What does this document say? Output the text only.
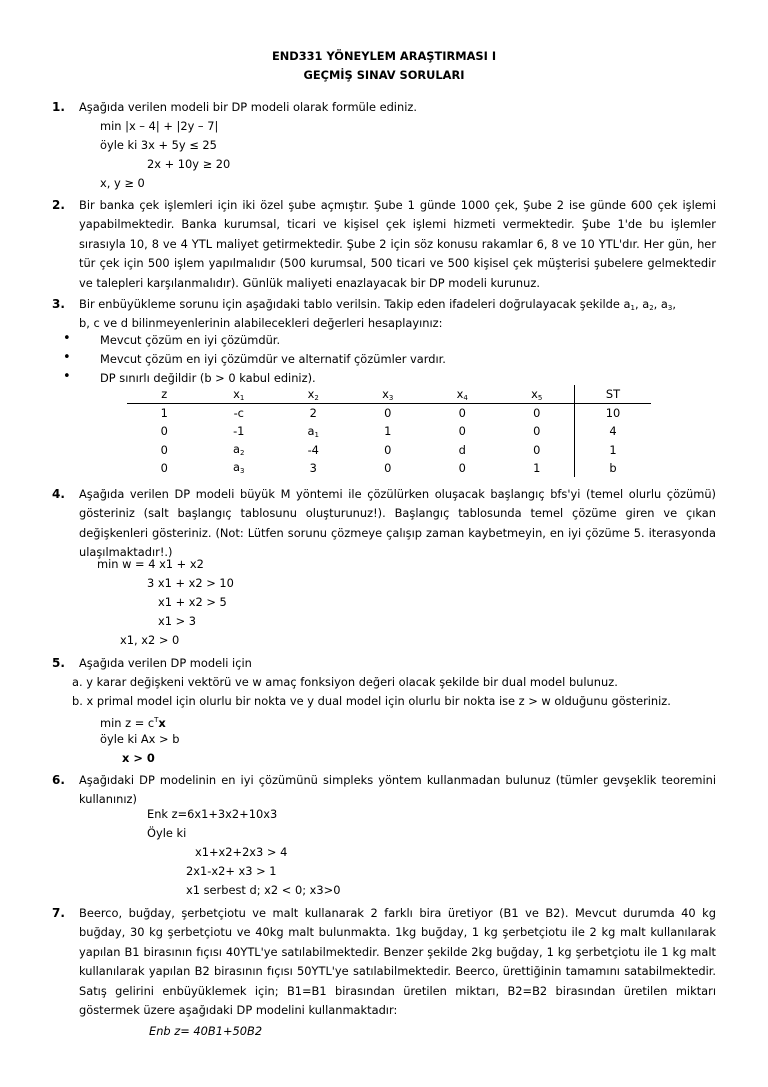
END331 YÖNEYLEM ARAŞTIRMASI I
GEÇMİŞ SINAV SORULARI
1. Aşağıda verilen modeli bir DP modeli olarak formüle ediniz.
min |x – 4| + |2y – 7|
öyle ki 3x + 5y ≤ 25
2x + 10y ≥ 20
x, y ≥ 0
2. Bir banka çek işlemleri için iki özel şube açmıştır. Şube 1 günde 1000 çek, Şube 2 ise günde 600 çek işlemi yapabilmektedir. Banka kurumsal, ticari ve kişisel çek işlemi hizmeti vermektedir. Şube 1'de bu işlemler sırasıyla 10, 8 ve 4 YTL maliyet getirmektedir. Şube 2 için söz konusu rakamlar 6, 8 ve 10 YTL'dır. Her gün, her tür çek için 500 işlem yapılmalıdır (500 kurumsal, 500 ticari ve 500 kişisel çek müşterisi şubelere gelmektedir ve talepleri karşılanmalıdır). Günlük maliyeti enazlayacak bir DP modeli kurunuz.
3. Bir enbüyükleme sorunu için aşağıdaki tablo verilsin. Takip eden ifadeleri doğrulayacak şekilde $a_1$, $a_2$, $a_3$,
b, c ve d bilinmeyenlerinin alabilecekleri değerleri hesaplayınız:
•	Mevcut çözüm en iyi çözümdür.
•	Mevcut çözüm en iyi çözümdür ve alternatif çözümler vardır.
•	DP sınırlı değildir (b > 0 kabul ediniz).
z	$x_1$	$x_2$	$x_3$	$x_4$	$x_5$	ST
1	-c	2	0	0	0	10
0	-1	$a_1$	1	0	0	4
0	$a_2$	-4	0	d	0	1
0	$a_3$	3	0	0	1	b
4. Aşağıda verilen DP modeli büyük M yöntemi ile çözülürken oluşacak başlangıç bfs'yi (temel olurlu çözümü) gösteriniz (salt başlangıç tablosunu oluşturunuz!). Başlangıç tablosunda temel çözüme giren ve çıkan değişkenleri gösteriniz. (Not: Lütfen sorunu çözmeye çalışıp zaman kaybetmeyin, en iyi çözüme 5. iterasyonda ulaşılmaktadır!.)
min w = 4 x1 + x2
3 x1 + x2 > 10
x1 + x2 > 5
x1 > 3
x1, x2 > 0
5. Aşağıda verilen DP modeli için
a. y karar değişkeni vektörü ve w amaç fonksiyon değeri olacak şekilde bir dual model bulunuz.
b. x primal model için olurlu bir nokta ve y dual model için olurlu bir nokta ise z > w olduğunu gösteriniz.
$\min z = c^Tx$
öyle ki Ax > b
x > 0
6. Aşağıdaki DP modelinin en iyi çözümünü simpleks yöntem kullanmadan bulunuz (tümler gevşeklik teoremini kullanınız)
Enk z=6x1+3x2+10x3
Öyle ki
x1+x2+2x3 > 4
2x1-x2+ x3 > 1
x1 serbest d; x2 < 0; x3>0
7. Beerco, buğday, şerbetçiotu ve malt kullanarak 2 farklı bira üretiyor (B1 ve B2). Mevcut durumda 40 kg buğday, 30 kg şerbetçiotu ve 40kg malt bulunmakta. 1kg buğday, 1 kg şerbetçiotu ile 2 kg malt kullanılarak yapılan B1 birasının fıçısı 40YTL'ye satılabilmektedir. Benzer şekilde 2kg buğday, 1 kg şerbetçiotu ile 1 kg malt kullanılarak yapılan B2 birasının fıçısı 50YTL'ye satılabilmektedir. Beerco, ürettiğinin tamamını satabilmektedir. Satış gelirini enbüyüklemek için; B1=B1 birasından üretilen miktarı, B2=B2 birasından üretilen miktarı göstermek üzere aşağıdaki DP modelini kullanmaktadır:
Enb z= 40B1+50B2
